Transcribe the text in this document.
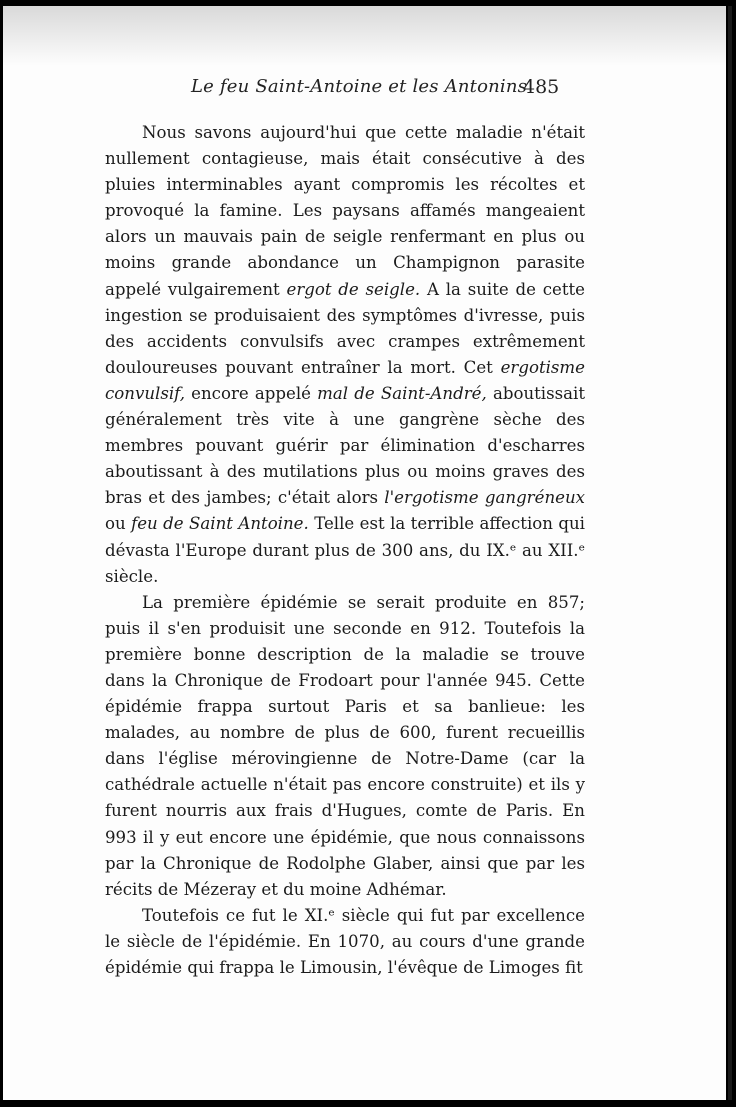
Le feu Saint-Antoine et les Antonins
485

Nous savons aujourd'hui que cette maladie n'était nullement contagieuse, mais était consécutive à des pluies interminables ayant compromis les récoltes et provoqué la famine. Les paysans affamés mangeaient alors un mauvais pain de seigle renfermant en plus ou moins grande abondance un Champignon parasite appelé vulgairement ergot de seigle. A la suite de cette ingestion se produisaient des symptômes d'ivresse, puis des accidents convulsifs avec crampes extrêmement douloureuses pouvant entraîner la mort. Cet ergotisme convulsif, encore appelé mal de Saint-André, aboutissait généralement très vite à une gangrène sèche des membres pouvant guérir par élimination d'escharres aboutissant à des mutilations plus ou moins graves des bras et des jambes; c'était alors l'ergotisme gangréneux ou feu de Saint Antoine. Telle est la terrible affection qui dévasta l'Europe durant plus de 300 ans, du IX.ᵉ au XII.ᵉ siècle.

La première épidémie se serait produite en 857; puis il s'en produisit une seconde en 912. Toutefois la première bonne description de la maladie se trouve dans la Chronique de Frodoart pour l'année 945. Cette épidémie frappa surtout Paris et sa banlieue: les malades, au nombre de plus de 600, furent recueillis dans l'église mérovingienne de Notre-Dame (car la cathédrale actuelle n'était pas encore construite) et ils y furent nourris aux frais d'Hugues, comte de Paris. En 993 il y eut encore une épidémie, que nous connaissons par la Chronique de Rodolphe Glaber, ainsi que par les récits de Mézeray et du moine Adhémar.

Toutefois ce fut le XI.ᵉ siècle qui fut par excellence le siècle de l'épidémie. En 1070, au cours d'une grande épidémie qui frappa le Limousin, l'évêque de Limoges fit
